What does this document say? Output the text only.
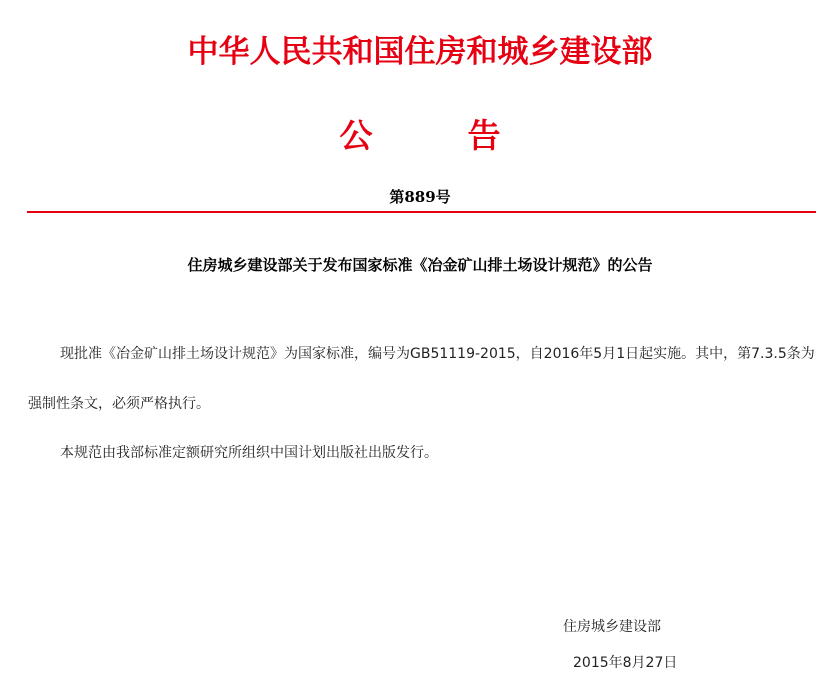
中华人民共和国住房和城乡建设部
公告
第889号
住房城乡建设部关于发布国家标准《冶金矿山排土场设计规范》的公告
现批准《冶金矿山排土场设计规范》为国家标准，编号为GB51119-2015，自2016年5月1日起实施。其中，第7.3.5条为强制性条文，必须严格执行。
本规范由我部标准定额研究所组织中国计划出版社出版发行。
住房城乡建设部
2015年8月27日
